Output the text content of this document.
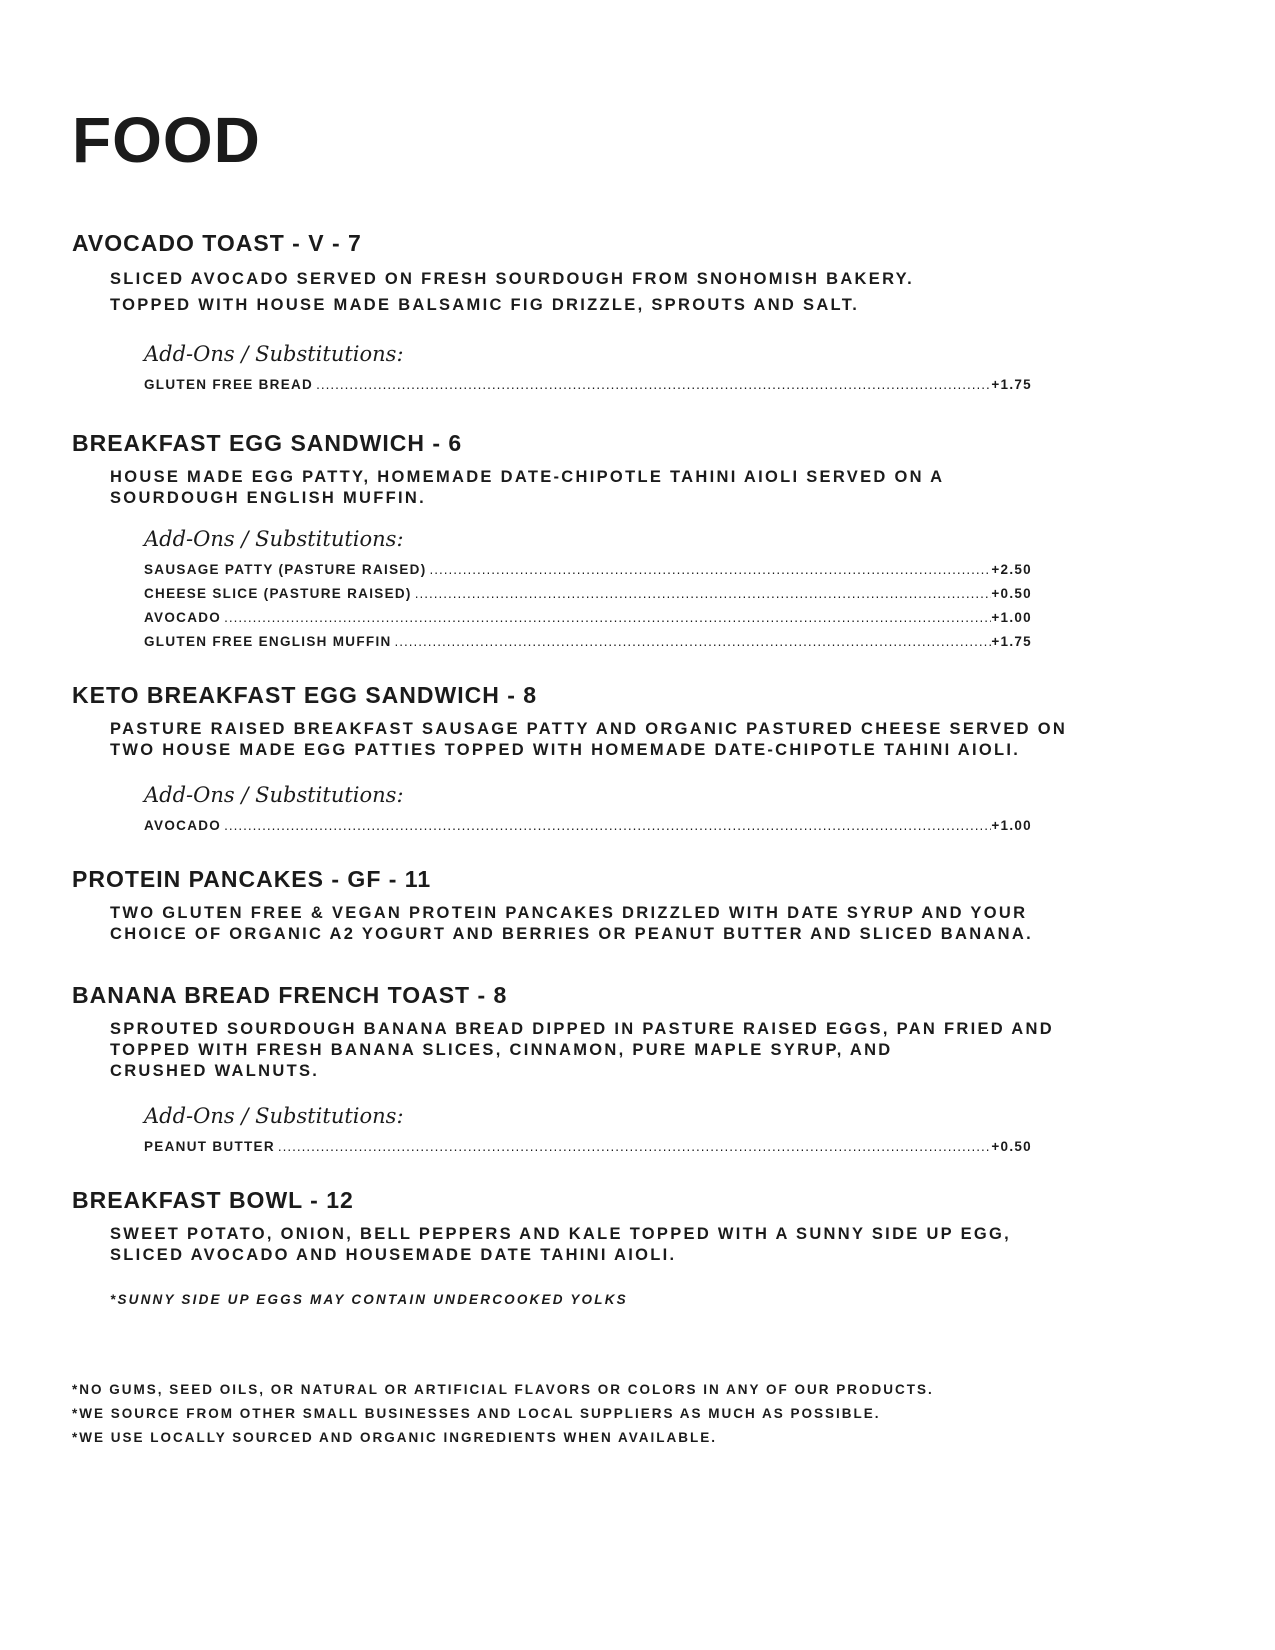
FOOD
AVOCADO TOAST - V - 7
SLICED AVOCADO SERVED ON FRESH SOURDOUGH FROM SNOHOMISH BAKERY.
TOPPED WITH HOUSE MADE BALSAMIC FIG DRIZZLE, SPROUTS AND SALT.
Add-Ons / Substitutions:
GLUTEN FREE BREAD .....	+1.75
BREAKFAST EGG SANDWICH - 6
HOUSE MADE EGG PATTY, HOMEMADE DATE-CHIPOTLE TAHINI AIOLI SERVED ON A
SOURDOUGH ENGLISH MUFFIN.
Add-Ons / Substitutions:
SAUSAGE PATTY (PASTURE RAISED) .....	+2.50
CHEESE SLICE (PASTURE RAISED) .....	+0.50
AVOCADO .....	+1.00
GLUTEN FREE ENGLISH MUFFIN .....	+1.75
KETO BREAKFAST EGG SANDWICH - 8
PASTURE RAISED BREAKFAST SAUSAGE PATTY AND ORGANIC PASTURED CHEESE SERVED ON
TWO HOUSE MADE EGG PATTIES TOPPED WITH HOMEMADE DATE-CHIPOTLE TAHINI AIOLI.
Add-Ons / Substitutions:
AVOCADO .....	+1.00
PROTEIN PANCAKES - GF - 11
TWO GLUTEN FREE & VEGAN PROTEIN PANCAKES DRIZZLED WITH DATE SYRUP AND YOUR
CHOICE OF ORGANIC A2 YOGURT AND BERRIES OR PEANUT BUTTER AND SLICED BANANA.
BANANA BREAD FRENCH TOAST - 8
SPROUTED SOURDOUGH BANANA BREAD DIPPED IN PASTURE RAISED EGGS, PAN FRIED AND
TOPPED WITH FRESH BANANA SLICES, CINNAMON, PURE MAPLE SYRUP, AND
CRUSHED WALNUTS.
Add-Ons / Substitutions:
PEANUT BUTTER .....	+0.50
BREAKFAST BOWL - 12
SWEET POTATO, ONION, BELL PEPPERS AND KALE TOPPED WITH A SUNNY SIDE UP EGG,
SLICED AVOCADO AND HOUSEMADE DATE TAHINI AIOLI.
*SUNNY SIDE UP EGGS MAY CONTAIN UNDERCOOKED YOLKS
*NO GUMS, SEED OILS, OR NATURAL OR ARTIFICIAL FLAVORS OR COLORS IN ANY OF OUR PRODUCTS.
*WE SOURCE FROM OTHER SMALL BUSINESSES AND LOCAL SUPPLIERS AS MUCH AS POSSIBLE.
*WE USE LOCALLY SOURCED AND ORGANIC INGREDIENTS WHEN AVAILABLE.
